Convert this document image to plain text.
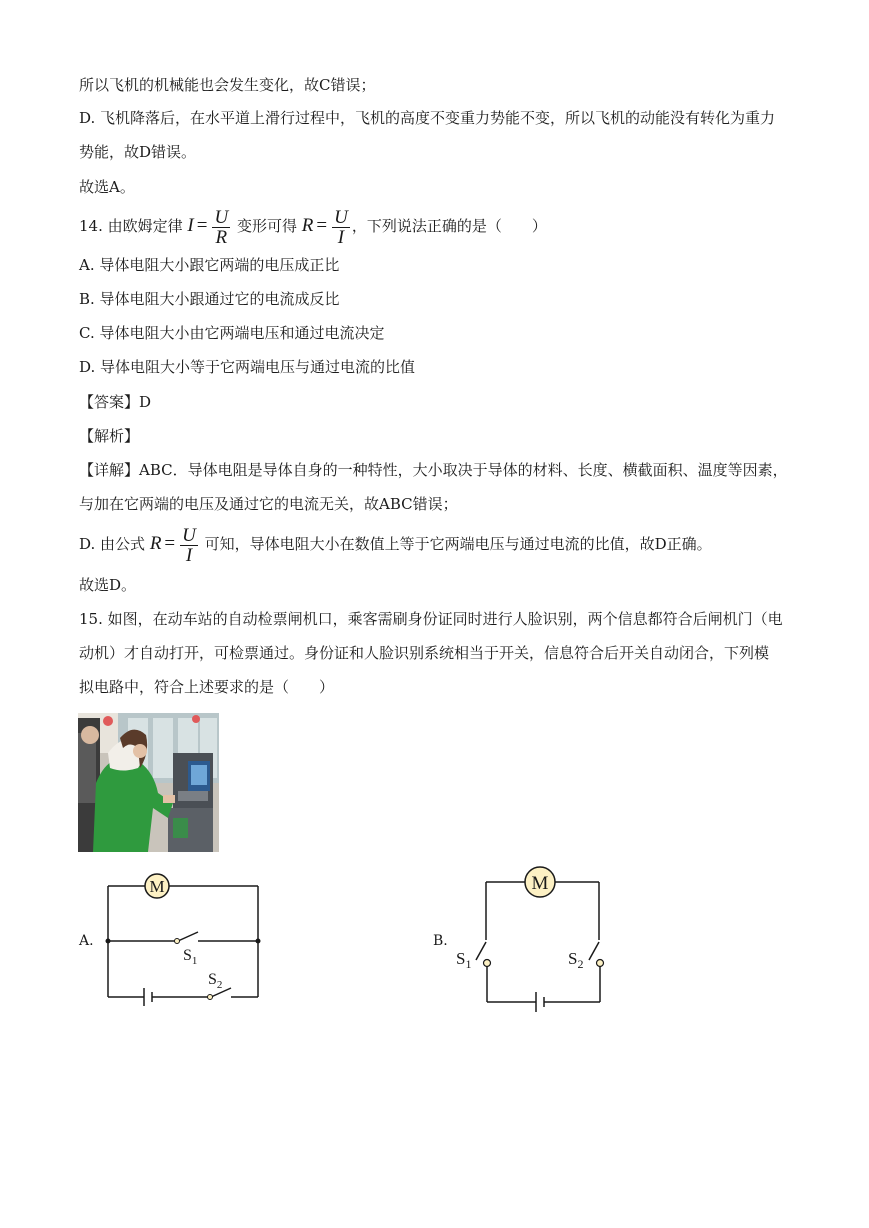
所以飞机的机械能也会发生变化，故C错误；
D. 飞机降落后，在水平道上滑行过程中，飞机的高度不变重力势能不变，所以飞机的动能没有转化为重力
势能，故D错误。
故选A。
14. 由欧姆定律 $I = \frac{U}{R}$ 变形可得 $R = \frac{U}{I}$ ，下列说法正确的是（　　）
A. 导体电阻大小跟它两端的电压成正比
B. 导体电阻大小跟通过它的电流成反比
C. 导体电阻大小由它两端电压和通过电流决定
D. 导体电阻大小等于它两端电压与通过电流的比值
【答案】D
【解析】
【详解】ABC．导体电阻是导体自身的一种特性，大小取决于导体的材料、长度、横截面积、温度等因素，
与加在它两端的电压及通过它的电流无关，故ABC错误；
D. 由公式 $R = \frac{U}{I}$ 可知，导体电阻大小在数值上等于它两端电压与通过电流的比值，故D正确。
故选D。
15. 如图，在动车站的自动检票闸机口，乘客需刷身份证同时进行人脸识别，两个信息都符合后闸机门（电
动机）才自动打开，可检票通过。身份证和人脸识别系统相当于开关，信息符合后开关自动闭合，下列模
拟电路中，符合上述要求的是（　　）
A.
M
$S_1$
$S_2$
B.
M
$S_1$	$S_2$
